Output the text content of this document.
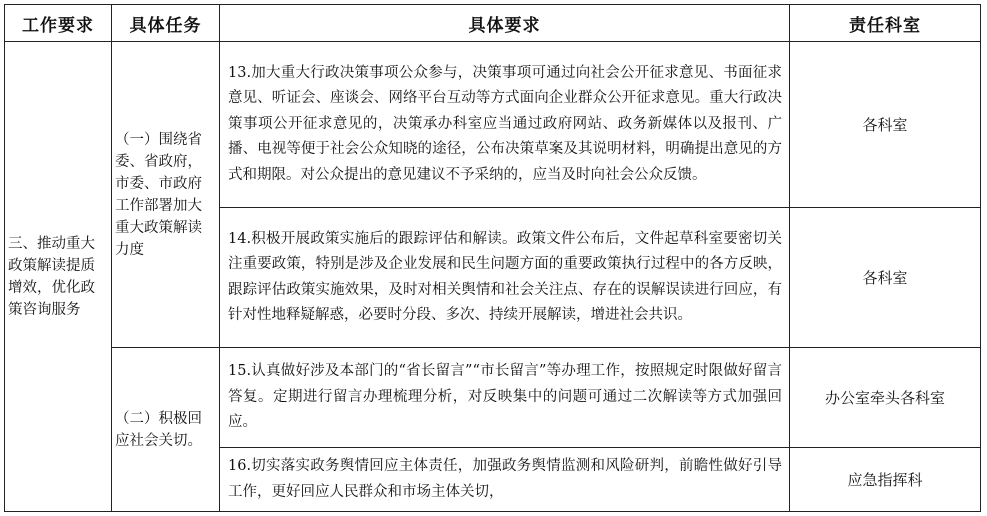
工作要求	具体任务	具体要求	责任科室
三、推动重大政策解读提质增效，优化政策咨询服务	（一）围绕省委、省政府，市委、市政府工作部署加大重大政策解读力度	13.加大重大行政决策事项公众参与，决策事项可通过向社会公开征求意见、书面征求意见、听证会、座谈会、网络平台互动等方式面向企业群众公开征求意见。重大行政决策事项公开征求意见的，决策承办科室应当通过政府网站、政务新媒体以及报刊、广播、电视等便于社会公众知晓的途径，公布决策草案及其说明材料，明确提出意见的方式和期限。对公众提出的意见建议不予采纳的，应当及时向社会公众反馈。	各科室
		14.积极开展政策实施后的跟踪评估和解读。政策文件公布后，文件起草科室要密切关注重要政策，特别是涉及企业发展和民生问题方面的重要政策执行过程中的各方反映，跟踪评估政策实施效果，及时对相关舆情和社会关注点、存在的误解误读进行回应，有针对性地释疑解惑，必要时分段、多次、持续开展解读，增进社会共识。	各科室
	（二）积极回应社会关切。	15.认真做好涉及本部门的“省长留言”“市长留言”等办理工作，按照规定时限做好留言答复。定期进行留言办理梳理分析，对反映集中的问题可通过二次解读等方式加强回应。	办公室牵头各科室
		16.切实落实政务舆情回应主体责任，加强政务舆情监测和风险研判，前瞻性做好引导工作，更好回应人民群众和市场主体关切，	应急指挥科
